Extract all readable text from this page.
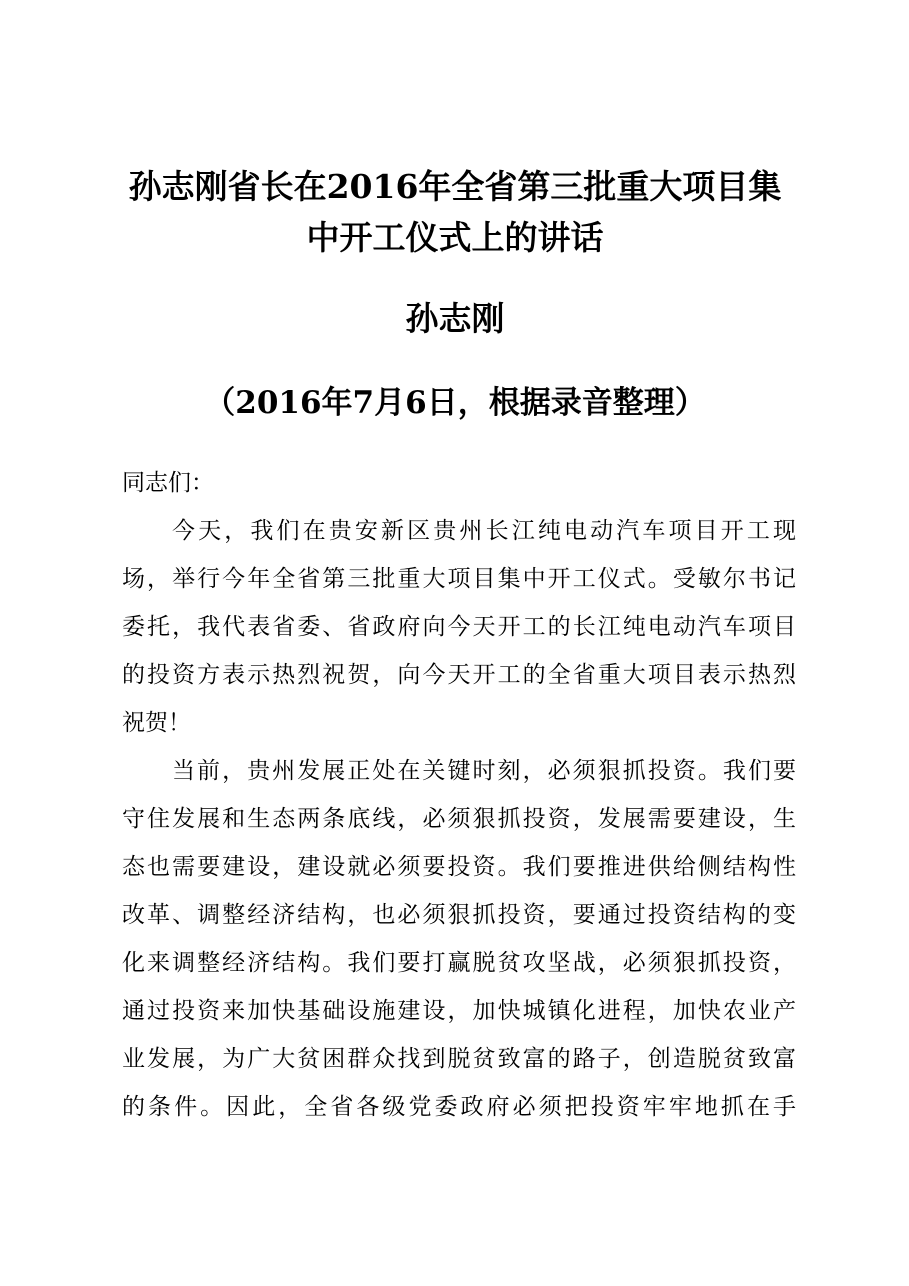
孙志刚省长在2016年全省第三批重大项目集
中开工仪式上的讲话
孙志刚
（2016年7月6日，根据录音整理）
同志们：
今天，我们在贵安新区贵州长江纯电动汽车项目开工现
场，举行今年全省第三批重大项目集中开工仪式。受敏尔书记
委托，我代表省委、省政府向今天开工的长江纯电动汽车项目
的投资方表示热烈祝贺，向今天开工的全省重大项目表示热烈
祝贺！
当前，贵州发展正处在关键时刻，必须狠抓投资。我们要
守住发展和生态两条底线，必须狠抓投资，发展需要建设，生
态也需要建设，建设就必须要投资。我们要推进供给侧结构性
改革、调整经济结构，也必须狠抓投资，要通过投资结构的变
化来调整经济结构。我们要打赢脱贫攻坚战，必须狠抓投资，
通过投资来加快基础设施建设，加快城镇化进程，加快农业产
业发展，为广大贫困群众找到脱贫致富的路子，创造脱贫致富
的条件。因此，全省各级党委政府必须把投资牢牢地抓在手
